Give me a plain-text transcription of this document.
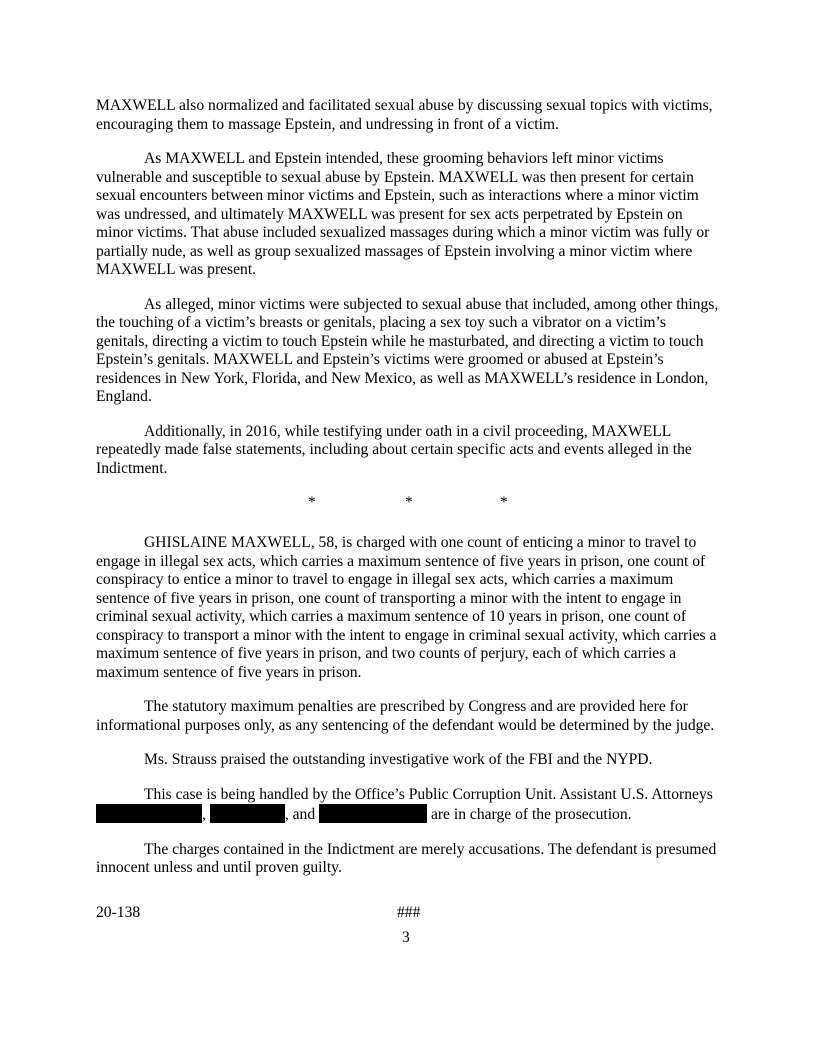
MAXWELL also normalized and facilitated sexual abuse by discussing sexual topics with victims, encouraging them to massage Epstein, and undressing in front of a victim.

As MAXWELL and Epstein intended, these grooming behaviors left minor victims vulnerable and susceptible to sexual abuse by Epstein. MAXWELL was then present for certain sexual encounters between minor victims and Epstein, such as interactions where a minor victim was undressed, and ultimately MAXWELL was present for sex acts perpetrated by Epstein on minor victims. That abuse included sexualized massages during which a minor victim was fully or partially nude, as well as group sexualized massages of Epstein involving a minor victim where MAXWELL was present.

As alleged, minor victims were subjected to sexual abuse that included, among other things, the touching of a victim’s breasts or genitals, placing a sex toy such a vibrator on a victim’s genitals, directing a victim to touch Epstein while he masturbated, and directing a victim to touch Epstein’s genitals. MAXWELL and Epstein’s victims were groomed or abused at Epstein’s residences in New York, Florida, and New Mexico, as well as MAXWELL’s residence in London, England.

Additionally, in 2016, while testifying under oath in a civil proceeding, MAXWELL repeatedly made false statements, including about certain specific acts and events alleged in the Indictment.

*	*	*

GHISLAINE MAXWELL, 58, is charged with one count of enticing a minor to travel to engage in illegal sex acts, which carries a maximum sentence of five years in prison, one count of conspiracy to entice a minor to travel to engage in illegal sex acts, which carries a maximum sentence of five years in prison, one count of transporting a minor with the intent to engage in criminal sexual activity, which carries a maximum sentence of 10 years in prison, one count of conspiracy to transport a minor with the intent to engage in criminal sexual activity, which carries a maximum sentence of five years in prison, and two counts of perjury, each of which carries a maximum sentence of five years in prison.

The statutory maximum penalties are prescribed by Congress and are provided here for informational purposes only, as any sentencing of the defendant would be determined by the judge.

Ms. Strauss praised the outstanding investigative work of the FBI and the NYPD.

This case is being handled by the Office’s Public Corruption Unit. Assistant U.S. Attorneys ,	, and	are in charge of the prosecution.

The charges contained in the Indictment are merely accusations. The defendant is presumed innocent unless and until proven guilty.

20-138	###
3
